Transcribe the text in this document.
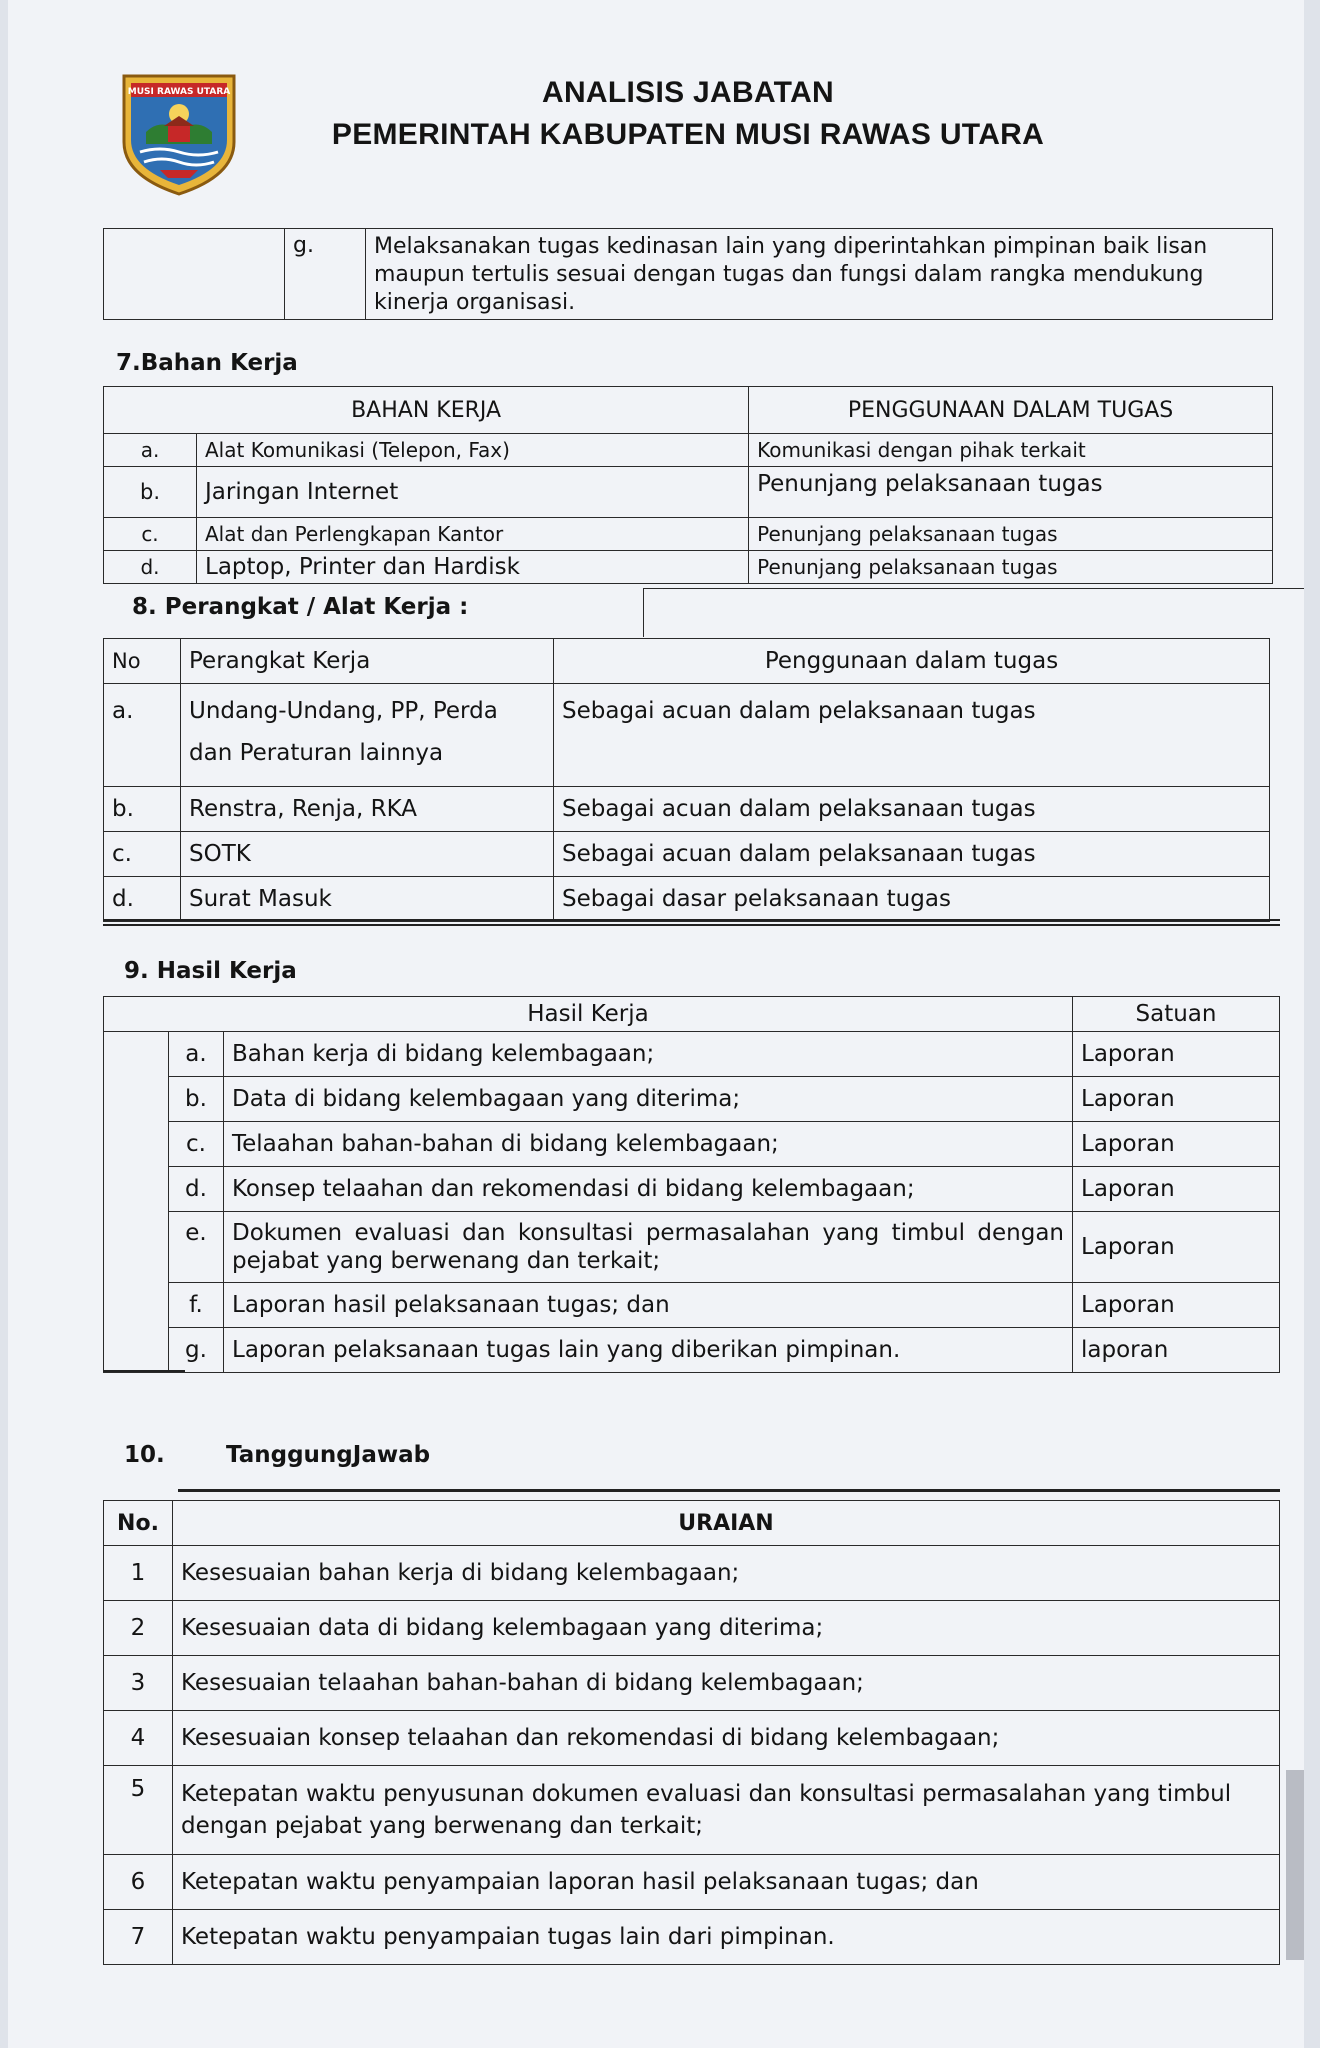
MUSI RAWAS UTARA	ANALISIS JABATAN
PEMERINTAH KABUPATEN MUSI RAWAS UTARA
	g.	Melaksanakan tugas kedinasan lain yang diperintahkan pimpinan baik lisan maupun tertulis sesuai dengan tugas dan fungsi dalam rangka mendukung kinerja organisasi.
7.Bahan Kerja
BAHAN KERJA		PENGGUNAAN DALAM TUGAS
a.	Alat Komunikasi (Telepon, Fax)	Komunikasi dengan pihak terkait
b.	Jaringan Internet	Penunjang pelaksanaan tugas
c.	Alat dan Perlengkapan Kantor	Penunjang pelaksanaan tugas
d.	Laptop, Printer dan Hardisk	Penunjang pelaksanaan tugas
8. Perangkat / Alat Kerja :
No	Perangkat Kerja	Penggunaan dalam tugas
a.	Undang-Undang, PP, Perda dan Peraturan lainnya	Sebagai acuan dalam pelaksanaan tugas
b.	Renstra, Renja, RKA	Sebagai acuan dalam pelaksanaan tugas
c.	SOTK	Sebagai acuan dalam pelaksanaan tugas
d.	Surat Masuk	Sebagai dasar pelaksanaan tugas
9. Hasil Kerja
Hasil Kerja			Satuan
	a.	Bahan kerja di bidang kelembagaan;	Laporan
	b.	Data di bidang kelembagaan yang diterima;	Laporan
	c.	Telaahan bahan-bahan di bidang kelembagaan;	Laporan
	d.	Konsep telaahan dan rekomendasi di bidang kelembagaan;	Laporan
	e.	Dokumen evaluasi dan konsultasi permasalahan yang timbul dengan pejabat yang berwenang dan terkait;	Laporan
	f.	Laporan hasil pelaksanaan tugas; dan	Laporan
	g.	Laporan pelaksanaan tugas lain yang diberikan pimpinan.	laporan
10.	TanggungJawab
No.	URAIAN
1	Kesesuaian bahan kerja di bidang kelembagaan;
2	Kesesuaian data di bidang kelembagaan yang diterima;
3	Kesesuaian telaahan bahan-bahan di bidang kelembagaan;
4	Kesesuaian konsep telaahan dan rekomendasi di bidang kelembagaan;
5	Ketepatan waktu penyusunan dokumen evaluasi dan konsultasi permasalahan yang timbul dengan pejabat yang berwenang dan terkait;
6	Ketepatan waktu penyampaian laporan hasil pelaksanaan tugas; dan
7	Ketepatan waktu penyampaian tugas lain dari pimpinan.
